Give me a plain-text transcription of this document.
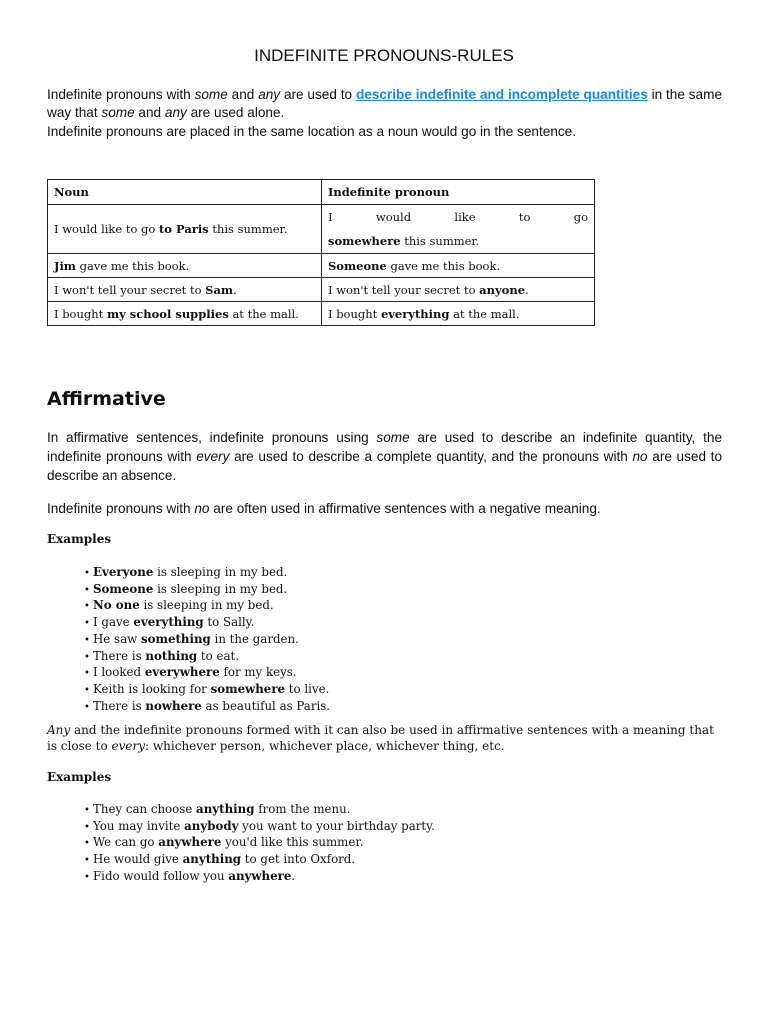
INDEFINITE PRONOUNS-RULES

Indefinite pronouns with some and any are used to describe indefinite and incomplete quantities in the same way that some and any are used alone.

Indefinite pronouns are placed in the same location as a noun would go in the sentence.

Noun	Indefinite pronoun
I would like to go to Paris this summer.	I would like to go somewhere this summer.
Jim gave me this book.	Someone gave me this book.
I won't tell your secret to Sam.	I won't tell your secret to anyone.
I bought my school supplies at the mall.	I bought everything at the mall.
Affirmative

In affirmative sentences, indefinite pronouns using some are used to describe an indefinite quantity, the indefinite pronouns with every are used to describe a complete quantity, and the pronouns with no are used to describe an absence.

Indefinite pronouns with no are often used in affirmative sentences with a negative meaning.

Examples
• Everyone is sleeping in my bed.
• Someone is sleeping in my bed.
• No one is sleeping in my bed.
• I gave everything to Sally.
• He saw something in the garden.
• There is nothing to eat.
• I looked everywhere for my keys.
• Keith is looking for somewhere to live.
• There is nowhere as beautiful as Paris.

Any and the indefinite pronouns formed with it can also be used in affirmative sentences with a meaning that is close to every: whichever person, whichever place, whichever thing, etc.

Examples
• They can choose anything from the menu.
• You may invite anybody you want to your birthday party.
• We can go anywhere you'd like this summer.
• He would give anything to get into Oxford.
• Fido would follow you anywhere.
